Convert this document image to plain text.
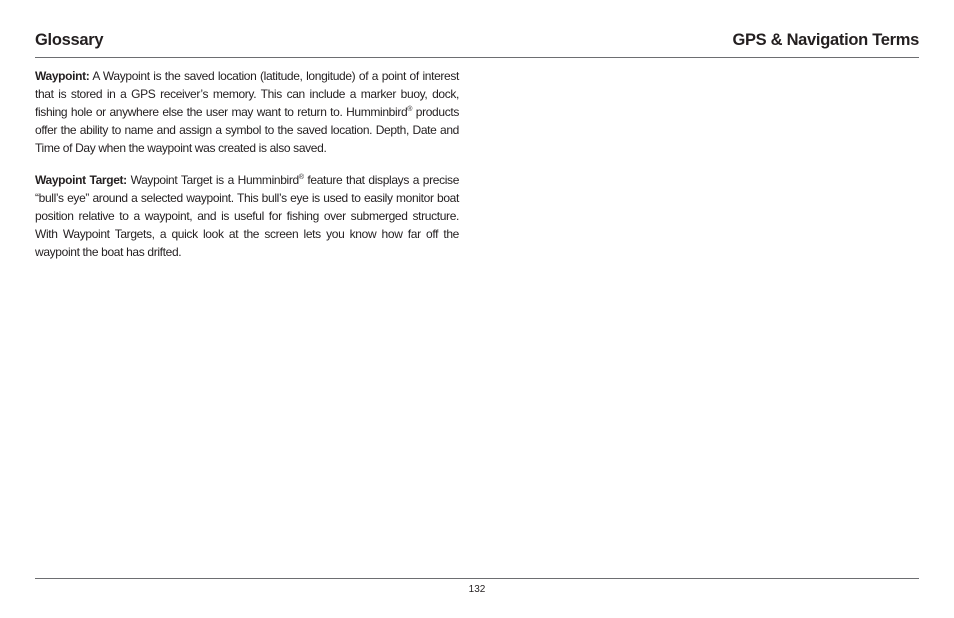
Glossary	GPS & Navigation Terms

Waypoint: A Waypoint is the saved location (latitude, longitude) of a point of interest that is stored in a GPS receiver’s memory. This can include a marker buoy, dock, fishing hole or anywhere else the user may want to return to. Humminbird® products offer the ability to name and assign a symbol to the saved location. Depth, Date and Time of Day when the waypoint was created is also saved.

Waypoint Target: Waypoint Target is a Humminbird® feature that displays a precise “bull’s eye” around a selected waypoint. This bull’s eye is used to easily monitor boat position relative to a waypoint, and is useful for fishing over submerged structure. With Waypoint Targets, a quick look at the screen lets you know how far off the waypoint the boat has drifted.

132
